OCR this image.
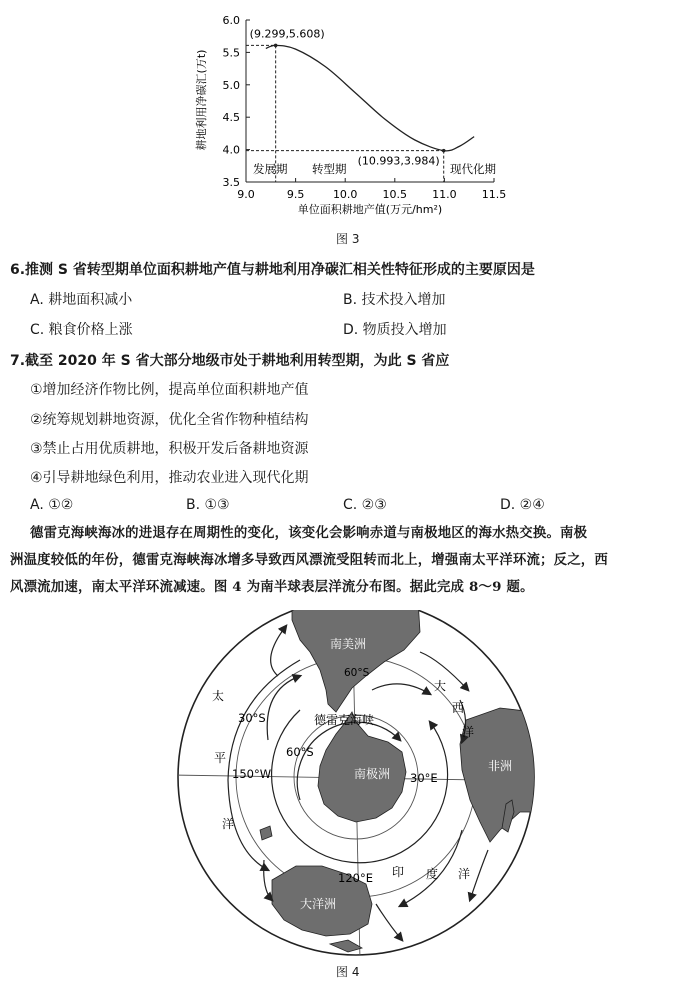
3.5
4.0
4.5
5.0
5.5
6.0
9.0	9.5	10.0 10.5 11.0 11.5
(9.299,5.608)
(10.993,3.984)
发展期 转型期	现代化期
耕地利用净碳汇(万t)
单位面积耕地产值(万元/hm²)
图 3
6.推测 S 省转型期单位面积耕地产值与耕地利用净碳汇相关性特征形成的主要原因是
A. 耕地面积减小	B. 技术投入增加
C. 粮食价格上涨	D. 物质投入增加
7.截至 2020 年 S 省大部分地级市处于耕地利用转型期，为此 S 省应
①增加经济作物比例，提高单位面积耕地产值
②统筹规划耕地资源，优化全省作物种植结构
③禁止占用优质耕地，积极开发后备耕地资源
④引导耕地绿色利用，推动农业进入现代化期
A. ①②	B. ①③	C. ②③	D. ②④
德雷克海峡海冰的进退存在周期性的变化，该变化会影响赤道与南极地区的海水热交换。南极
洲温度较低的年份，德雷克海峡海冰增多导致西风漂流受阻转而北上，增强南太平洋环流；反之，西
风漂流加速，南太平洋环流减速。图 4 为南半球表层洋流分布图。据此完成 8～9 题。
南美洲
60°S
大
西
洋
太
平
洋
30°S	德雷克海峡
60°S
150°W	南极洲 30°E
非洲
120°E 印 度 洋
大洋洲
图 4
